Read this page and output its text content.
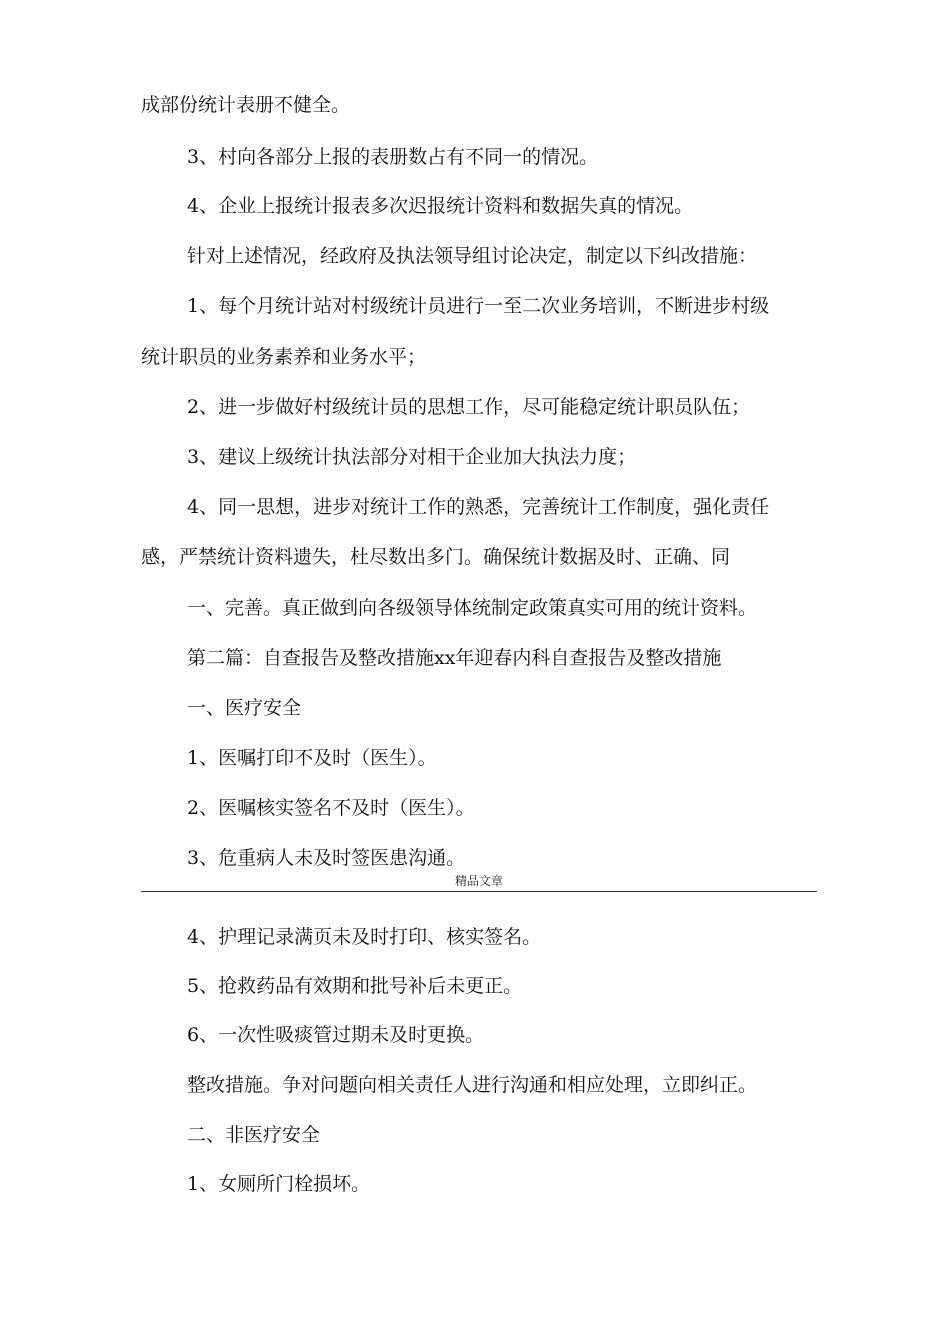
成部份统计表册不健全。
3、村向各部分上报的表册数占有不同一的情况。
4、企业上报统计报表多次迟报统计资料和数据失真的情况。
针对上述情况，经政府及执法领导组讨论决定，制定以下纠改措施：
1、每个月统计站对村级统计员进行一至二次业务培训，不断进步村级
统计职员的业务素养和业务水平；
2、进一步做好村级统计员的思想工作，尽可能稳定统计职员队伍；
3、建议上级统计执法部分对相干企业加大执法力度；
4、同一思想，进步对统计工作的熟悉，完善统计工作制度，强化责任
感，严禁统计资料遗失，杜尽数出多门。确保统计数据及时、正确、同
一、完善。真正做到向各级领导体统制定政策真实可用的统计资料。
第二篇：自查报告及整改措施xx年迎春内科自查报告及整改措施
一、医疗安全
1、医嘱打印不及时（医生）。
2、医嘱核实签名不及时（医生）。
3、危重病人未及时签医患沟通。
精品文章
4、护理记录满页未及时打印、核实签名。
5、抢救药品有效期和批号补后未更正。
6、一次性吸痰管过期未及时更换。
整改措施。争对问题向相关责任人进行沟通和相应处理，立即纠正。
二、非医疗安全
1、女厕所门栓损坏。
